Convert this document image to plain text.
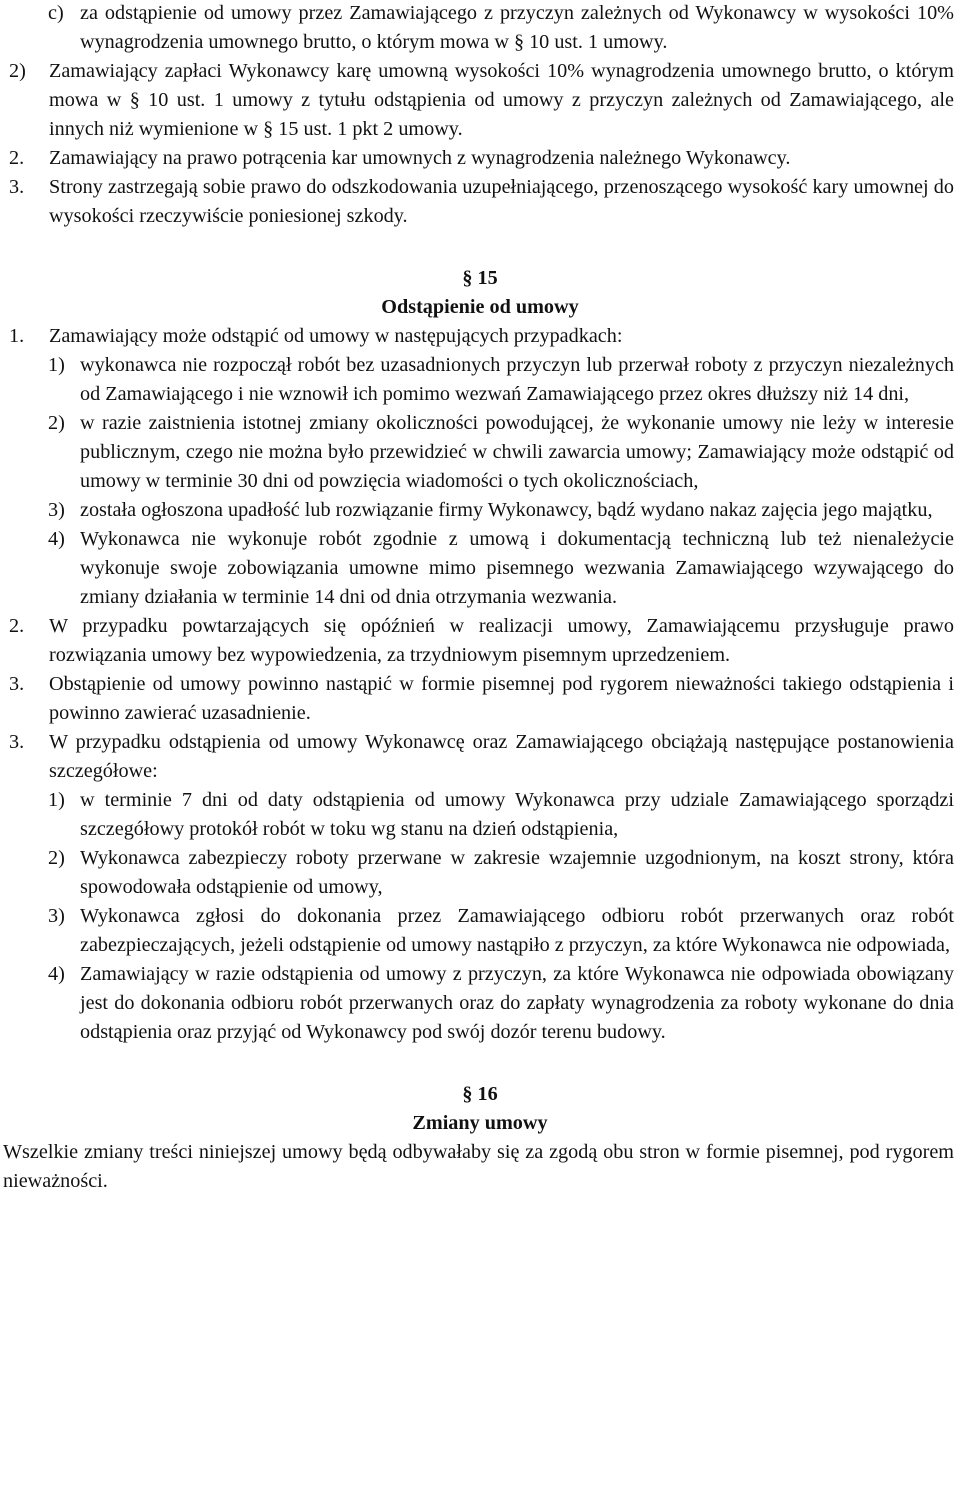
c) za odstąpienie od umowy przez Zamawiającego z przyczyn zależnych od Wykonawcy w wysokości 10% wynagrodzenia umownego brutto, o którym mowa w § 10 ust. 1 umowy.
2) Zamawiający zapłaci Wykonawcy karę umowną wysokości 10% wynagrodzenia umownego brutto, o którym mowa w § 10 ust. 1 umowy z tytułu odstąpienia od umowy z przyczyn zależnych od Zamawiającego, ale innych niż wymienione w § 15 ust. 1 pkt 2 umowy.
2. Zamawiający na prawo potrącenia kar umownych z wynagrodzenia należnego Wykonawcy.
3. Strony zastrzegają sobie prawo do odszkodowania uzupełniającego, przenoszącego wysokość kary umownej do wysokości rzeczywiście poniesionej szkody.
§ 15
Odstąpienie od umowy
1. Zamawiający może odstąpić od umowy w następujących przypadkach:
1) wykonawca nie rozpoczął robót bez uzasadnionych przyczyn lub przerwał roboty z przyczyn niezależnych od Zamawiającego i nie wznowił ich pomimo wezwań Zamawiającego przez okres dłuższy niż 14 dni,
2) w razie zaistnienia istotnej zmiany okoliczności powodującej, że wykonanie umowy nie leży w interesie publicznym, czego nie można było przewidzieć w chwili zawarcia umowy; Zamawiający może odstąpić od umowy w terminie 30 dni od powzięcia wiadomości o tych okolicznościach,
3) została ogłoszona upadłość lub rozwiązanie firmy Wykonawcy, bądź wydano nakaz zajęcia jego majątku,
4) Wykonawca nie wykonuje robót zgodnie z umową i dokumentacją techniczną lub też nienależycie wykonuje swoje zobowiązania umowne mimo pisemnego wezwania Zamawiającego wzywającego do zmiany działania w terminie 14 dni od dnia otrzymania wezwania.
2. W przypadku powtarzających się opóźnień w realizacji umowy, Zamawiającemu przysługuje prawo rozwiązania umowy bez wypowiedzenia, za trzydniowym pisemnym uprzedzeniem.
3. Obstąpienie od umowy powinno nastąpić w formie pisemnej pod rygorem nieważności takiego odstąpienia i powinno zawierać uzasadnienie.
3. W przypadku odstąpienia od umowy Wykonawcę oraz Zamawiającego obciążają następujące postanowienia szczegółowe:
1) w terminie 7 dni od daty odstąpienia od umowy Wykonawca przy udziale Zamawiającego sporządzi szczegółowy protokół robót w toku wg stanu na dzień odstąpienia,
2) Wykonawca zabezpieczy roboty przerwane w zakresie wzajemnie uzgodnionym, na koszt strony, która spowodowała odstąpienie od umowy,
3) Wykonawca zgłosi do dokonania przez Zamawiającego odbioru robót przerwanych oraz robót zabezpieczających, jeżeli odstąpienie od umowy nastąpiło z przyczyn, za które Wykonawca nie odpowiada,
4) Zamawiający w razie odstąpienia od umowy z przyczyn, za które Wykonawca nie odpowiada obowiązany jest do dokonania odbioru robót przerwanych oraz do zapłaty wynagrodzenia za roboty wykonane do dnia odstąpienia oraz przyjąć od Wykonawcy pod swój dozór terenu budowy.
§ 16
Zmiany umowy
Wszelkie zmiany treści niniejszej umowy będą odbywałaby się za zgodą obu stron w formie pisemnej, pod rygorem nieważności.
